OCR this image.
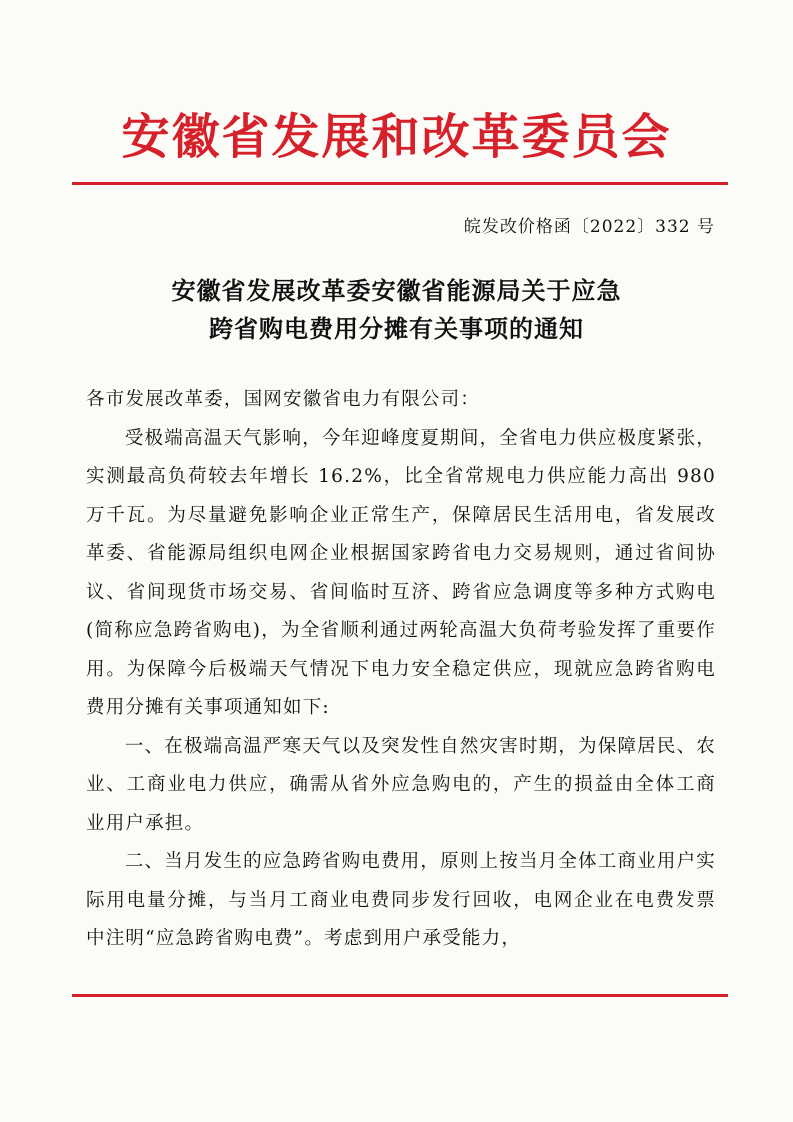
安徽省发展和改革委员会
皖发改价格函〔2022〕332 号
安徽省发展改革委安徽省能源局关于应急
跨省购电费用分摊有关事项的通知

各市发展改革委，国网安徽省电力有限公司：

受极端高温天气影响，今年迎峰度夏期间，全省电力供应极度紧张，实测最高负荷较去年增长 16.2%，比全省常规电力供应能力高出 980 万千瓦。为尽量避免影响企业正常生产，保障居民生活用电，省发展改革委、省能源局组织电网企业根据国家跨省电力交易规则，通过省间协议、省间现货市场交易、省间临时互济、跨省应急调度等多种方式购电(简称应急跨省购电)，为全省顺利通过两轮高温大负荷考验发挥了重要作用。为保障今后极端天气情况下电力安全稳定供应，现就应急跨省购电费用分摊有关事项通知如下:

一、在极端高温严寒天气以及突发性自然灾害时期，为保障居民、农业、工商业电力供应，确需从省外应急购电的，产生的损益由全体工商业用户承担。

二、当月发生的应急跨省购电费用，原则上按当月全体工商业用户实际用电量分摊，与当月工商业电费同步发行回收，电网企业在电费发票中注明“应急跨省购电费”。考虑到用户承受能力，
